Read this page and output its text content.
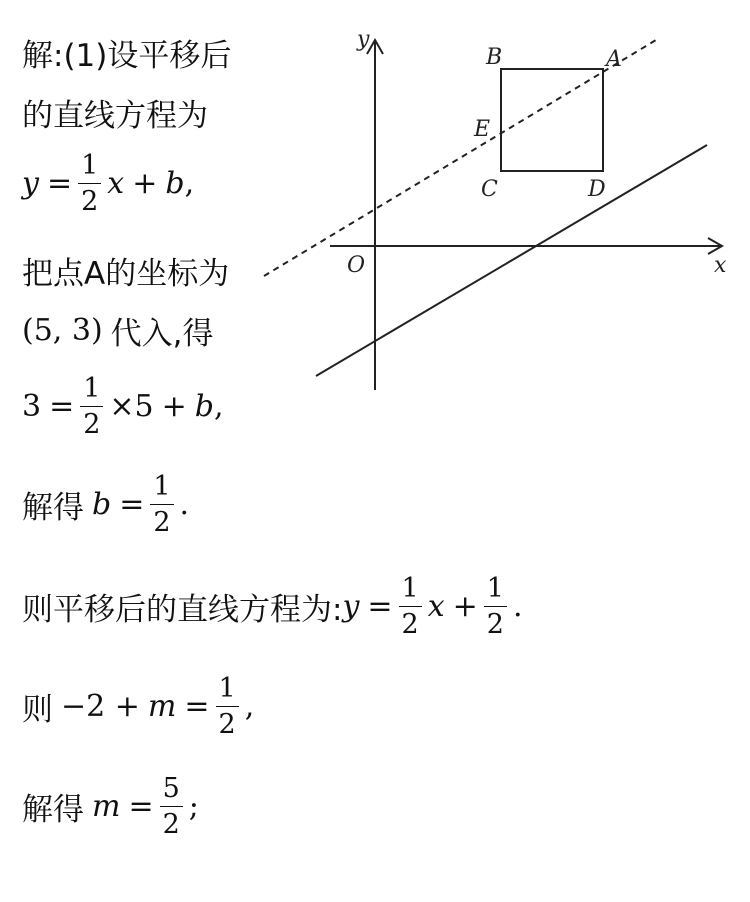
解:(1)设平移后
的直线方程为
$y = \frac{1}{2}$ x + b ,
把点A的坐标为
(5, 3) 代入,得
$3 = \frac{1}{2} \times 5 + b$ ,
解得 $b = \frac{1}{2}$ .
则平移后的直线方程为: $y = \frac{1}{2}$ $x + \frac{1}{2}$ .
则 $-2 + m = \frac{1}{2}$ ,
解得 $m = \frac{5}{2}$ ;
y
x
O
B	A
E
C	D
